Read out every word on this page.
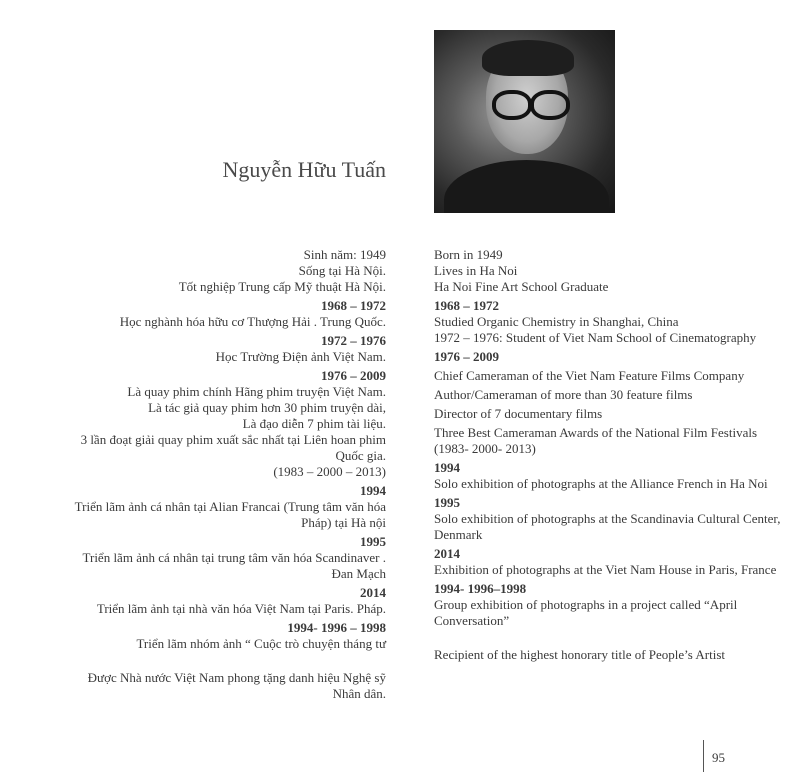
Nguyễn Hữu Tuấn
Sinh năm: 1949
Sống tại Hà Nội.
Tốt nghiệp Trung cấp Mỹ thuật Hà Nội.
1968 – 1972
Học nghành hóa hữu cơ Thượng Hải . Trung Quốc.
1972 – 1976
Học Trường Điện ảnh Việt Nam.
1976 – 2009
Là quay phim chính Hãng phim truyện Việt Nam.
Là tác giả quay phim hơn 30 phim truyện dài,
Là đạo diễn 7 phim tài liệu.
3 lần đoạt giải quay phim xuất sắc nhất tại Liên hoan phim
Quốc gia.
(1983 – 2000 – 2013)
1994
Triển lãm ảnh cá nhân tại Alian Francai (Trung tâm văn hóa
Pháp) tại Hà nội
1995
Triển lãm ảnh cá nhân tại trung tâm văn hóa Scandinaver .
Đan Mạch
2014
Triển lãm ảnh tại nhà văn hóa Việt Nam tại Paris. Pháp.
1994- 1996 – 1998
Triển lãm nhóm ảnh “ Cuộc trò chuyện tháng tư
Được Nhà nước Việt Nam phong tặng danh hiệu Nghệ sỹ
Nhân dân.
Born in 1949
Lives in Ha Noi
Ha Noi Fine Art School Graduate
1968 – 1972
Studied Organic Chemistry in Shanghai, China
1972 – 1976: Student of Viet Nam School of Cinematography
1976 – 2009
Chief Cameraman of the Viet Nam Feature Films Company
Author/Cameraman of more than 30 feature films
Director of 7 documentary films
Three Best Cameraman Awards of the National Film Festivals
(1983- 2000- 2013)
1994
Solo exhibition of photographs at the Alliance French in Ha Noi
1995
Solo exhibition of photographs at the Scandinavia Cultural Center,
Denmark
2014
Exhibition of photographs at the Viet Nam House in Paris, France
1994- 1996–1998
Group exhibition of photographs in a project called “April
Conversation”
Recipient of the highest honorary title of People’s Artist
95
